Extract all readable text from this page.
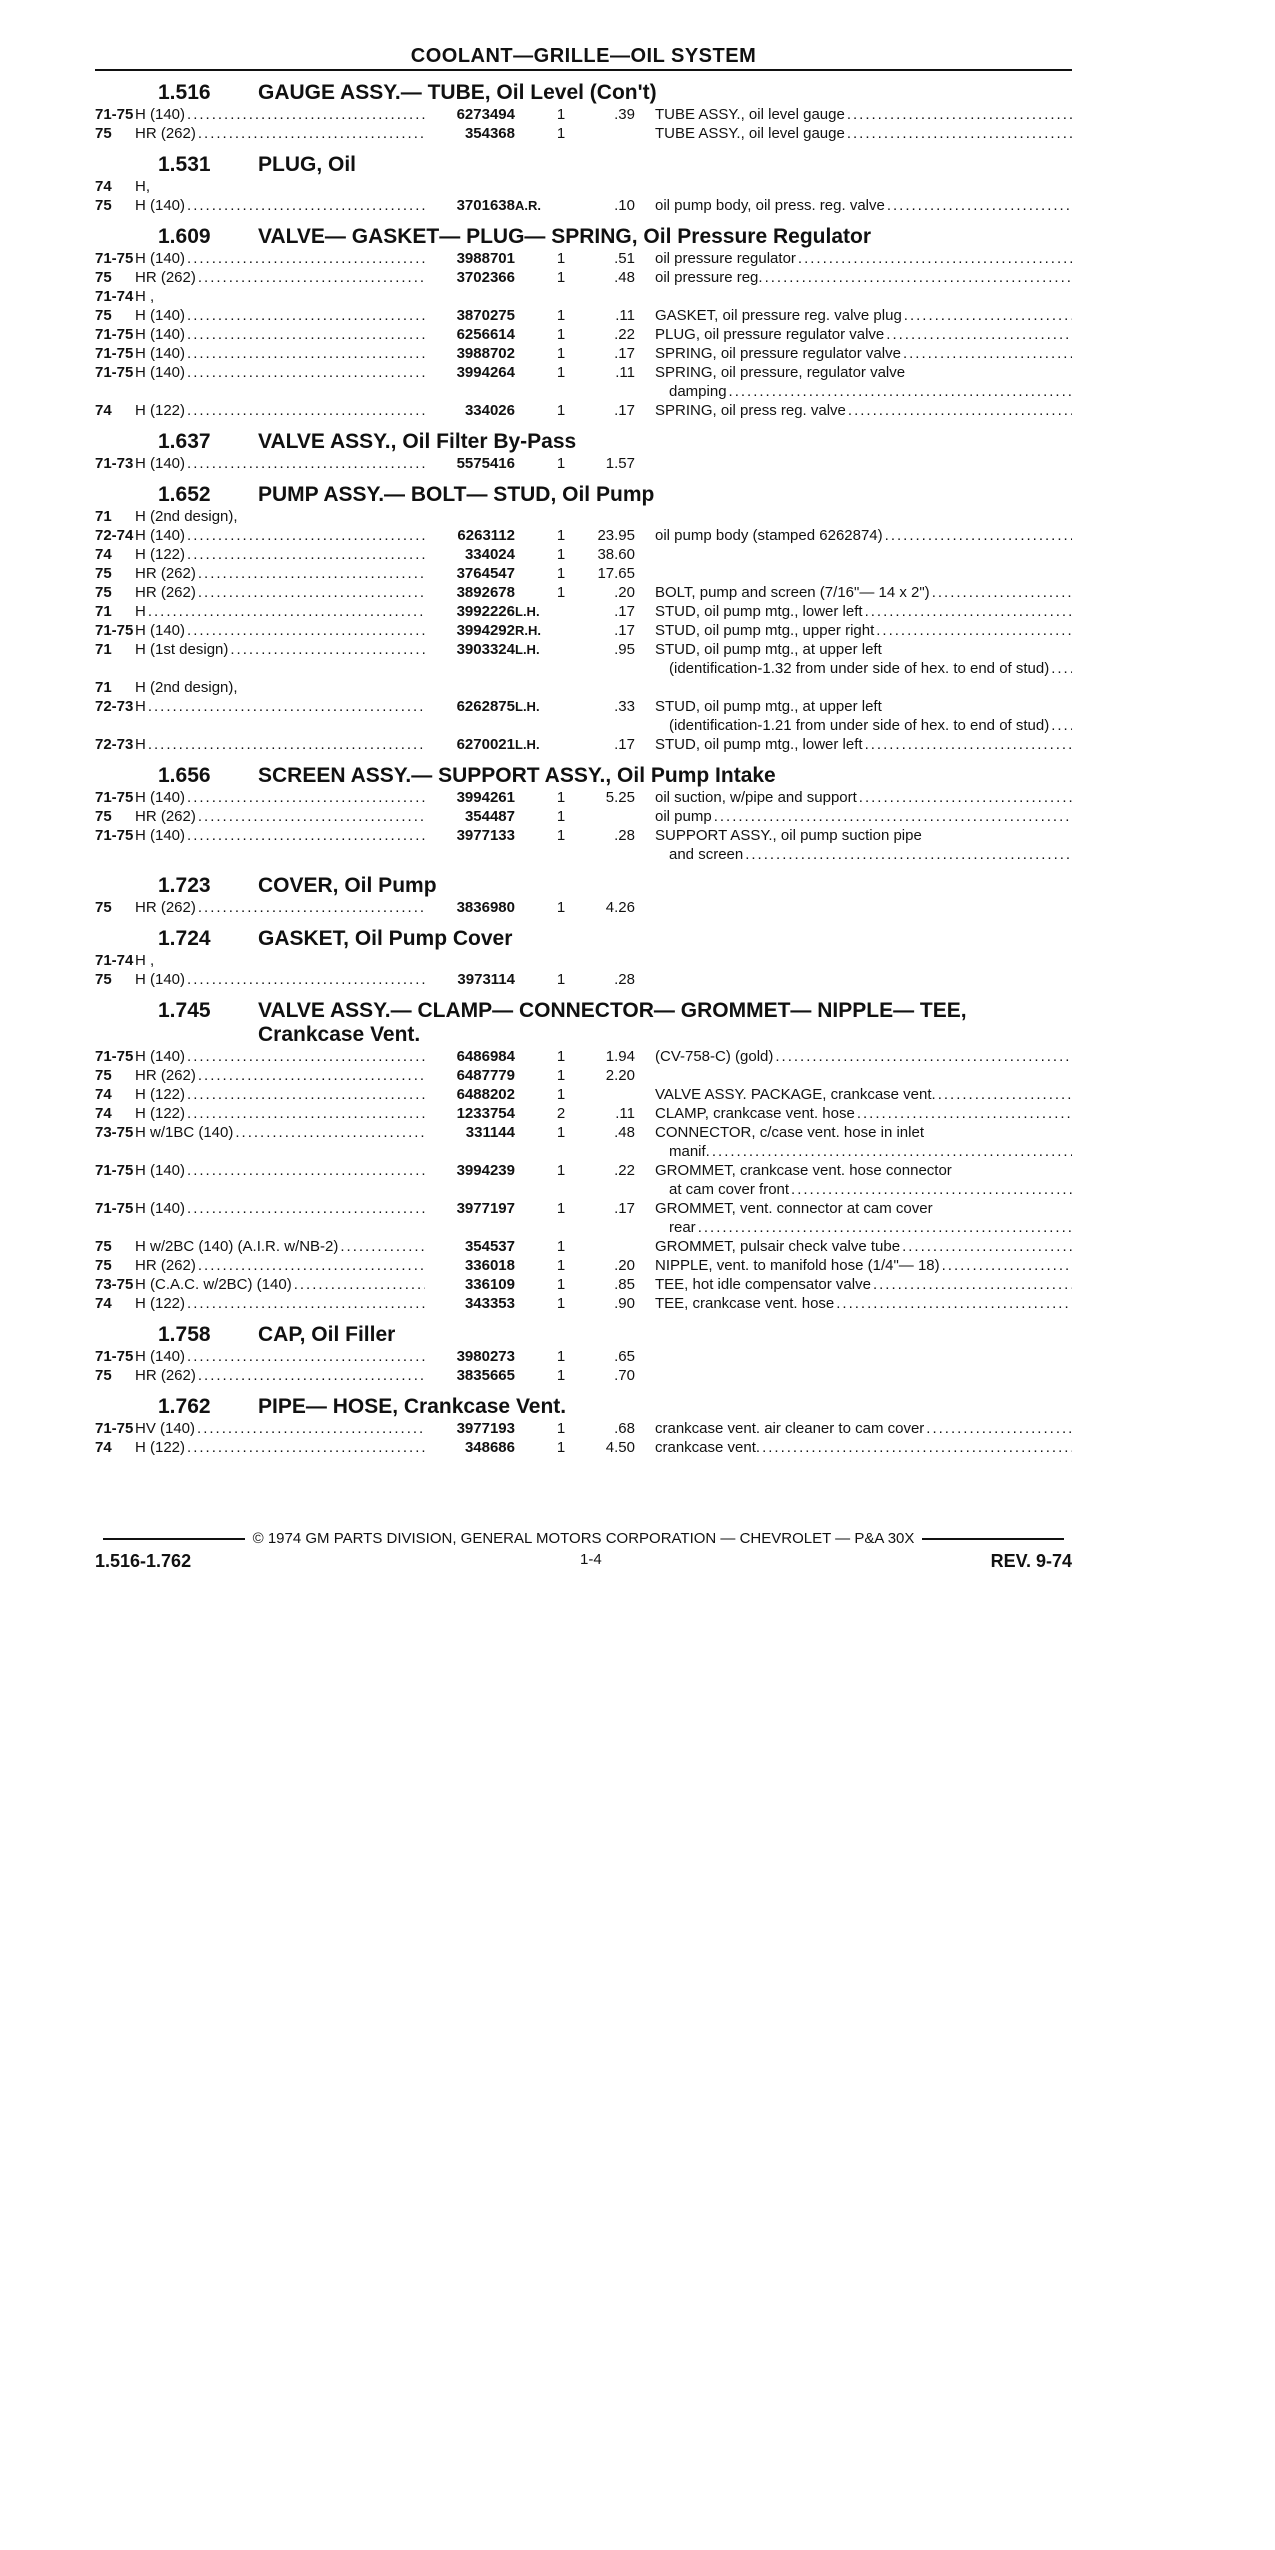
COOLANT—GRILLE—OIL SYSTEM
1.516	GAUGE ASSY.— TUBE, Oil Level (Con't)
71-75 H (140) .....	6273494	1	.39 TUBE ASSY., oil level gauge
.....
75	HR (262) .....	354368	1	TUBE ASSY., oil level gauge
.....
1.531	PLUG, Oil
74	H,
75	H (140) .....	3701638 A.R.	.10 oil pump body, oil press. reg. valve
.....
1.609	VALVE— GASKET— PLUG— SPRING, Oil Pressure Regulator
71-75 H (140) .....	3988701	1	.51 oil pressure regulator
.....
75	HR (262) .....	3702366	1	.48 oil pressure reg.
.....
71-74 H ,
75	H (140) .....	3870275	1	.11 GASKET, oil pressure reg. valve plug
.....
71-75 H (140) .....	6256614	1	.22 PLUG, oil pressure regulator valve
.....
71-75 H (140) .....	3988702	1	.17 SPRING, oil pressure regulator valve
.....
71-75 H (140) .....	3994264	1	.11 SPRING, oil pressure, regulator valve
damping
.....
74	H (122) .....	334026	1	.17 SPRING, oil press reg. valve
.....
1.637	VALVE ASSY., Oil Filter By-Pass
71-73 H (140) .....	5575416	1	1.57
1.652	PUMP ASSY.— BOLT— STUD, Oil Pump
71	H (2nd design),
72-74 H (140) .....	6263112	1	23.95 oil pump body (stamped 6262874)
.....
74	H (122) .....	334024	1	38.60
75	HR (262) .....	3764547	1	17.65
75	HR (262) .....	3892678	1	.20 BOLT, pump and screen (7/16"— 14 x 2")
.....
71	H .....	3992226 L.H.	.17 STUD, oil pump mtg., lower left
.....
71-75 H (140) .....	3994292 R.H.	.17 STUD, oil pump mtg., upper right
.....
71	H (1st design) .....	3903324 L.H.	.95 STUD, oil pump mtg., at upper left
(identification-1.32 from under side of hex. to end of stud)
.....
71	H (2nd design),
72-73 H .....	6262875 L.H.	.33 STUD, oil pump mtg., at upper left
(identification-1.21 from under side of hex. to end of stud)
.....
72-73 H .....	6270021 L.H.	.17 STUD, oil pump mtg., lower left
.....
1.656	SCREEN ASSY.— SUPPORT ASSY., Oil Pump Intake
71-75 H (140) .....	3994261	1	5.25 oil suction, w/pipe and support
.....
75	HR (262) .....	354487	1	oil pump
.....
71-75 H (140) .....	3977133	1	.28 SUPPORT ASSY., oil pump suction pipe
and screen
.....
1.723	COVER, Oil Pump
75	HR (262) .....	3836980	1	4.26
1.724	GASKET, Oil Pump Cover
71-74 H ,
75	H (140) .....	3973114	1	.28
1.745	VALVE ASSY.— CLAMP— CONNECTOR— GROMMET— NIPPLE— TEE, Crankcase Vent.
71-75 H (140) .....	6486984	1	1.94 (CV-758-C) (gold)
.....
75	HR (262) .....	6487779	1	2.20
74	H (122) .....	6488202	1	VALVE ASSY. PACKAGE, crankcase vent.
.....
74	H (122) .....	1233754	2	.11 CLAMP, crankcase vent. hose
.....
73-75 H w/1BC (140) .....	331144	1	.48 CONNECTOR, c/case vent. hose in inlet
manif.
.....
71-75 H (140) .....	3994239	1	.22 GROMMET, crankcase vent. hose connector
at cam cover front
.....
71-75 H (140) .....	3977197	1	.17 GROMMET, vent. connector at cam cover
rear
.....
75	H w/2BC (140) (A.I.R. w/NB-2) .....	354537	1	GROMMET, pulsair check valve tube
.....
75	HR (262) .....	336018	1	.20 NIPPLE, vent. to manifold hose (1/4"— 18)
.....
73-75 H (C.A.C. w/2BC) (140) .....	336109	1	.85 TEE, hot idle compensator valve
.....
74	H (122) .....	343353	1	.90 TEE, crankcase vent. hose
.....
1.758	CAP, Oil Filler
71-75 H (140) .....	3980273	1	.65
75	HR (262) .....	3835665	1	.70
1.762	PIPE— HOSE, Crankcase Vent.
71-75 HV (140) .....	3977193	1	.68 crankcase vent. air cleaner to cam cover
.....
74	H (122) .....	348686	1	4.50 crankcase vent.
.....
© 1974 GM PARTS DIVISION, GENERAL MOTORS CORPORATION — CHEVROLET — P&A 30X
1.516-1.762	1-4	REV. 9-74
